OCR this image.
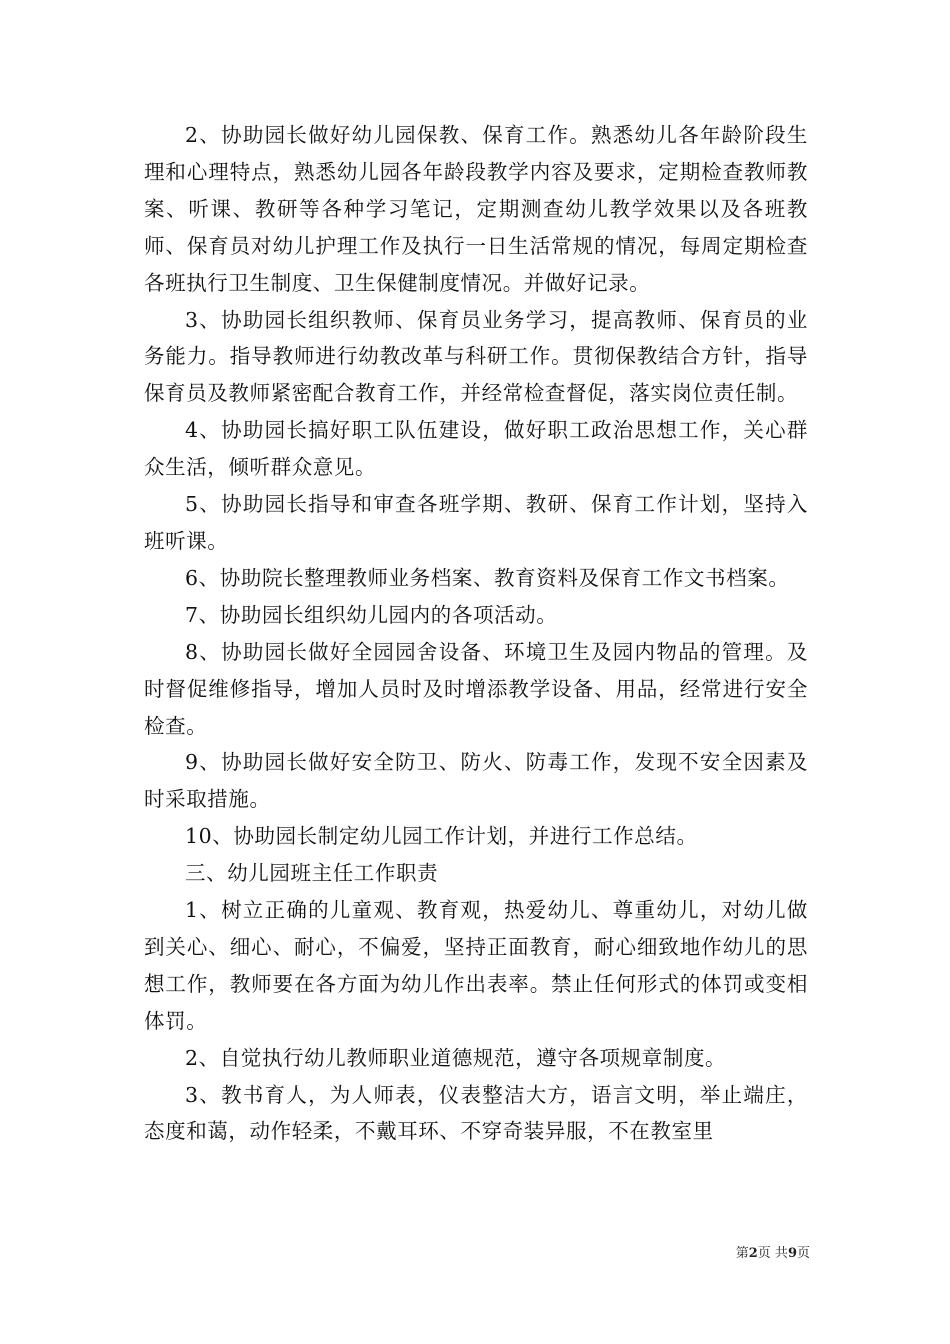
2、协助园长做好幼儿园保教、保育工作。熟悉幼儿各年龄阶段生理和心理特点，熟悉幼儿园各年龄段教学内容及要求，定期检查教师教案、听课、教研等各种学习笔记，定期测查幼儿教学效果以及各班教师、保育员对幼儿护理工作及执行一日生活常规的情况，每周定期检查各班执行卫生制度、卫生保健制度情况。并做好记录。

3、协助园长组织教师、保育员业务学习，提高教师、保育员的业务能力。指导教师进行幼教改革与科研工作。贯彻保教结合方针，指导保育员及教师紧密配合教育工作，并经常检查督促，落实岗位责任制。

4、协助园长搞好职工队伍建设，做好职工政治思想工作，关心群众生活，倾听群众意见。

5、协助园长指导和审查各班学期、教研、保育工作计划，坚持入班听课。

6、协助院长整理教师业务档案、教育资料及保育工作文书档案。

7、协助园长组织幼儿园内的各项活动。

8、协助园长做好全园园舍设备、环境卫生及园内物品的管理。及时督促维修指导，增加人员时及时增添教学设备、用品，经常进行安全检查。

9、协助园长做好安全防卫、防火、防毒工作，发现不安全因素及时采取措施。

10、协助园长制定幼儿园工作计划，并进行工作总结。

三、幼儿园班主任工作职责

1、树立正确的儿童观、教育观，热爱幼儿、尊重幼儿，对幼儿做到关心、细心、耐心，不偏爱，坚持正面教育，耐心细致地作幼儿的思想工作，教师要在各方面为幼儿作出表率。禁止任何形式的体罚或变相体罚。

2、自觉执行幼儿教师职业道德规范，遵守各项规章制度。

3、教书育人，为人师表，仪表整洁大方，语言文明，举止端庄，态度和蔼，动作轻柔，不戴耳环、不穿奇装异服，不在教室里

第2页 共9页
